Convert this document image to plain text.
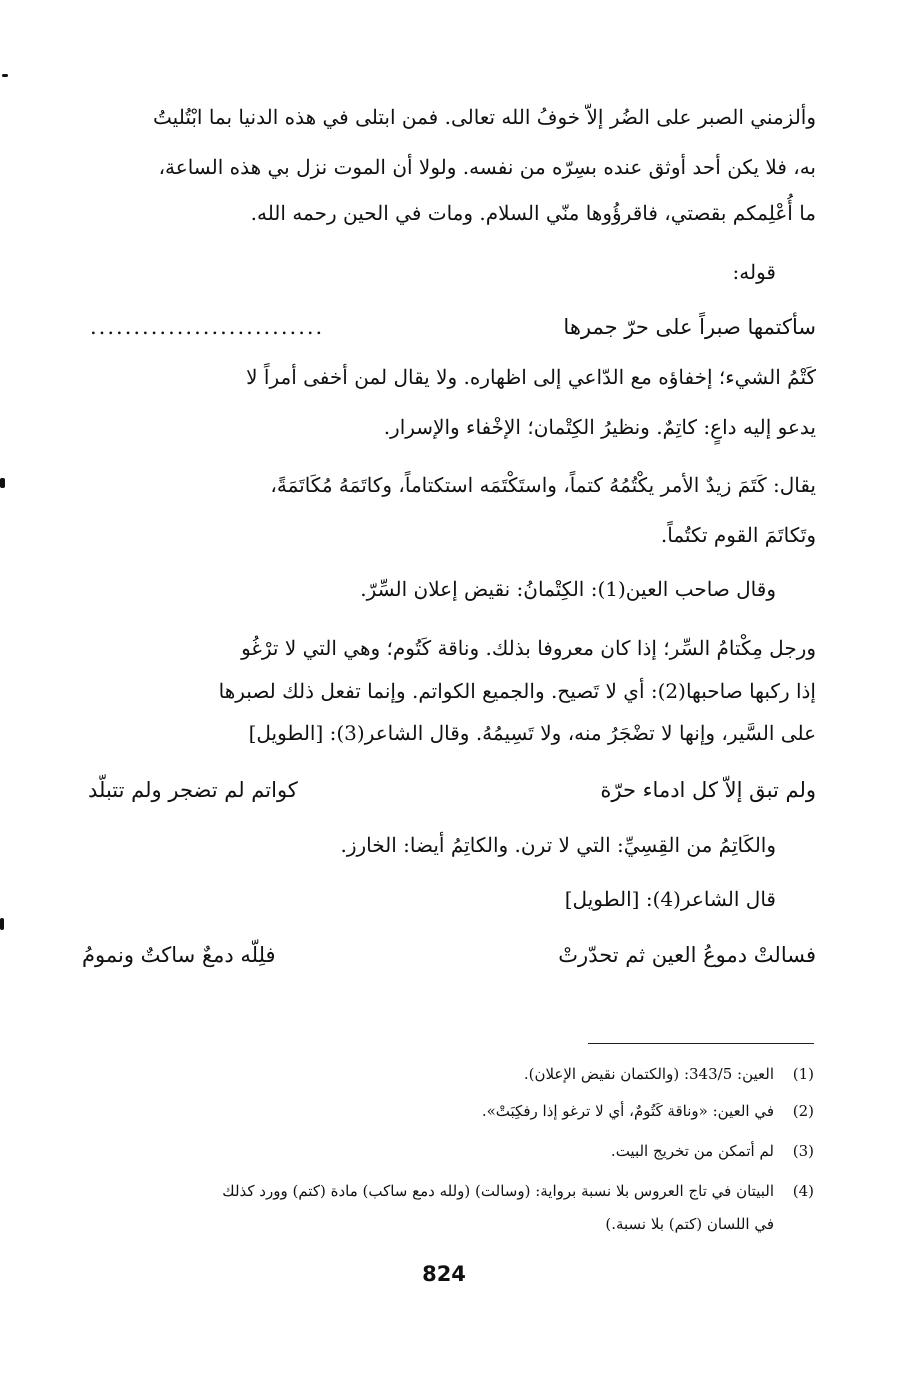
وألزمني الصبر على الضُر إلاّ خوفُ الله تعالى. فمن ابتلى في هذه الدنيا بما ابْتُليتُ
به، فلا يكن أحد أوثق عنده بسِرّه من نفسه. ولولا أن الموت نزل بي هذه الساعة،
ما أُعْلِمكم بقصتي، فاقرؤُوها منّي السلام. ومات في الحين رحمه الله.
قوله:
سأكتمها صبراً على حرّ جمرها
...........................
كَتْمُ الشيء؛ إخفاؤه مع الدّاعي إلى اظهاره. ولا يقال لمن أخفى أمراً لا
يدعو إليه داعٍ: كاتِمٌ. ونظيرُ الكِتْمان؛ الإخْفاء والإسرار.
يقال: كَتَمَ زيدٌ الأمر يكْتُمُهُ كتماً، واستَكْتَمَه استكتاماً، وكاتَمَهُ مُكَاتَمَةً،
وتَكاتَمَ القوم تكتُماً.
وقال صاحب العين(1): الكِتْمانُ: نقيض إعلان السِّرّ.
ورجل مِكْتامُ السِّر؛ إذا كان معروفا بذلك. وناقة كَتُوم؛ وهي التي لا ترْغُو
إذا ركبها صاحبها(2): أي لا تَصيح. والجميع الكواتم. وإنما تفعل ذلك لصبرها
على السَّير، وإنها لا تضْجَرُ منه، ولا تَسِيمُهُ. وقال الشاعر(3): [الطويل]
ولم تبق إلاّ كل ادماء حرّة
كواتم لم تضجر ولم تتبلّد
والكَاتِمُ من القِسِيِّ: التي لا ترن. والكاتِمُ أيضا: الخارز.
قال الشاعر(4): [الطويل]
فسالتْ دموعُ العين ثم تحدّرتْ
فلِلّه دمعٌ ساكتٌ ونمومُ
(1)
العين: 343/5: (والكتمان نقيض الإعلان).
(2)
في العين: «وناقة كَتُومٌ، أي لا ترغو إذا رفكِبَتْ».
(3)
لم أتمكن من تخريج البيت.
(4)
البيتان في تاج العروس بلا نسبة برواية: (وسالت) (ولله دمع ساكب) مادة (كتم) وورد كذلك
في اللسان (كتم) بلا نسبة.)
824
